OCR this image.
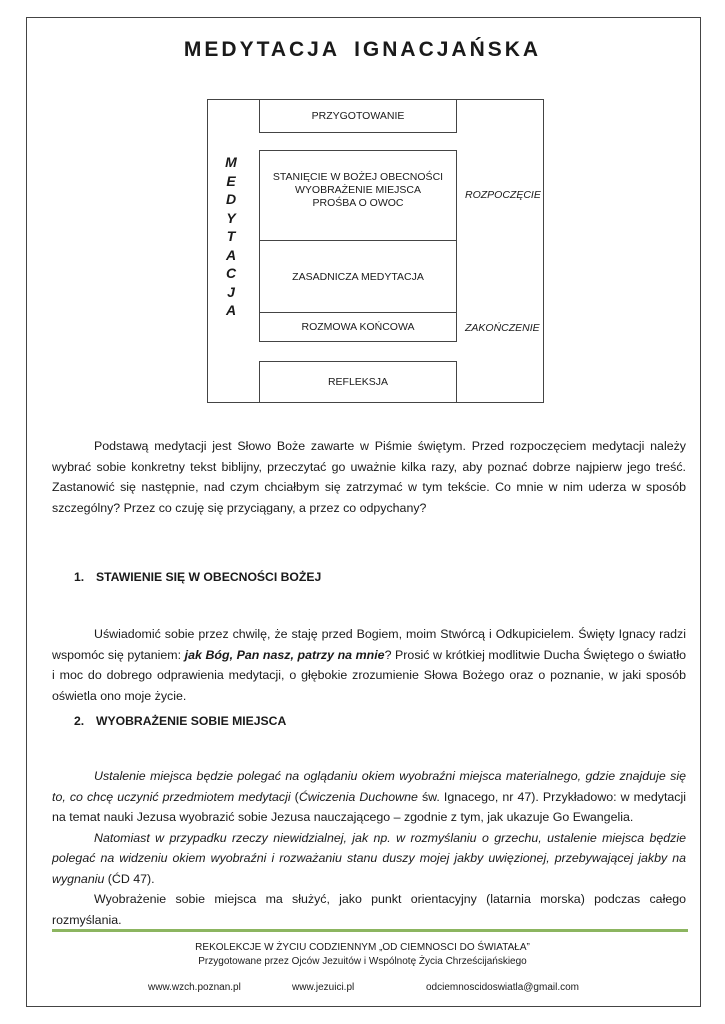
MEDYTACJA IGNACJAŃSKA
PRZYGOTOWANIE
STANIĘCIE W BOŻEJ OBECNOŚCI
WYOBRAŻENIE MIEJSCA
PROŚBA O OWOC
ZASADNICZA MEDYTACJA
ROZMOWA KOŃCOWA
REFLEKSJA
M
E
D
Y
T
A
C
J
A
ROZPOCZĘCIE
ZAKOŃCZENIE

Podstawą medytacji jest Słowo Boże zawarte w Piśmie świętym. Przed rozpoczęciem medytacji należy wybrać sobie konkretny tekst biblijny, przeczytać go uważnie kilka razy, aby poznać dobrze najpierw jego treść. Zastanowić się następnie, nad czym chciałbym się zatrzymać w tym tekście. Co mnie w nim uderza w sposób szczególny? Przez co czuję się przyciągany, a przez co odpychany?

1. STAWIENIE SIĘ W OBECNOŚCI BOŻEJ

Uświadomić sobie przez chwilę, że staję przed Bogiem, moim Stwórcą i Odkupicielem. Święty Ignacy radzi wspomóc się pytaniem: jak Bóg, Pan nasz, patrzy na mnie? Prosić w krótkiej modlitwie Ducha Świętego o światło i moc do dobrego odprawienia medytacji, o głębokie zrozumienie Słowa Bożego oraz o poznanie, w jaki sposób oświetla ono moje życie.

2. WYOBRAŻENIE SOBIE MIEJSCA

Ustalenie miejsca będzie polegać na oglądaniu okiem wyobraźni miejsca materialnego, gdzie znajduje się to, co chcę uczynić przedmiotem medytacji (Ćwiczenia Duchowne św. Ignacego, nr 47). Przykładowo: w medytacji na temat nauki Jezusa wyobrazić sobie Jezusa nauczającego – zgodnie z tym, jak ukazuje Go Ewangelia.

Natomiast w przypadku rzeczy niewidzialnej, jak np. w rozmyślaniu o grzechu, ustalenie miejsca będzie polegać na widzeniu okiem wyobraźni i rozważaniu stanu duszy mojej jakby uwięzionej, przebywającej jakby na wygnaniu (ĆD 47).

Wyobrażenie sobie miejsca ma służyć, jako punkt orientacyjny (latarnia morska) podczas całego rozmyślania.

REKOLEKCJE W ŻYCIU CODZIENNYM „OD CIEMNOSCI DO ŚWIATAŁA”
Przygotowane przez Ojców Jezuitów i Wspólnotę Życia Chrześcijańskiego
www.wzch.poznan.pl	www.jezuici.pl	odciemnoscidoswiatla@gmail.com
